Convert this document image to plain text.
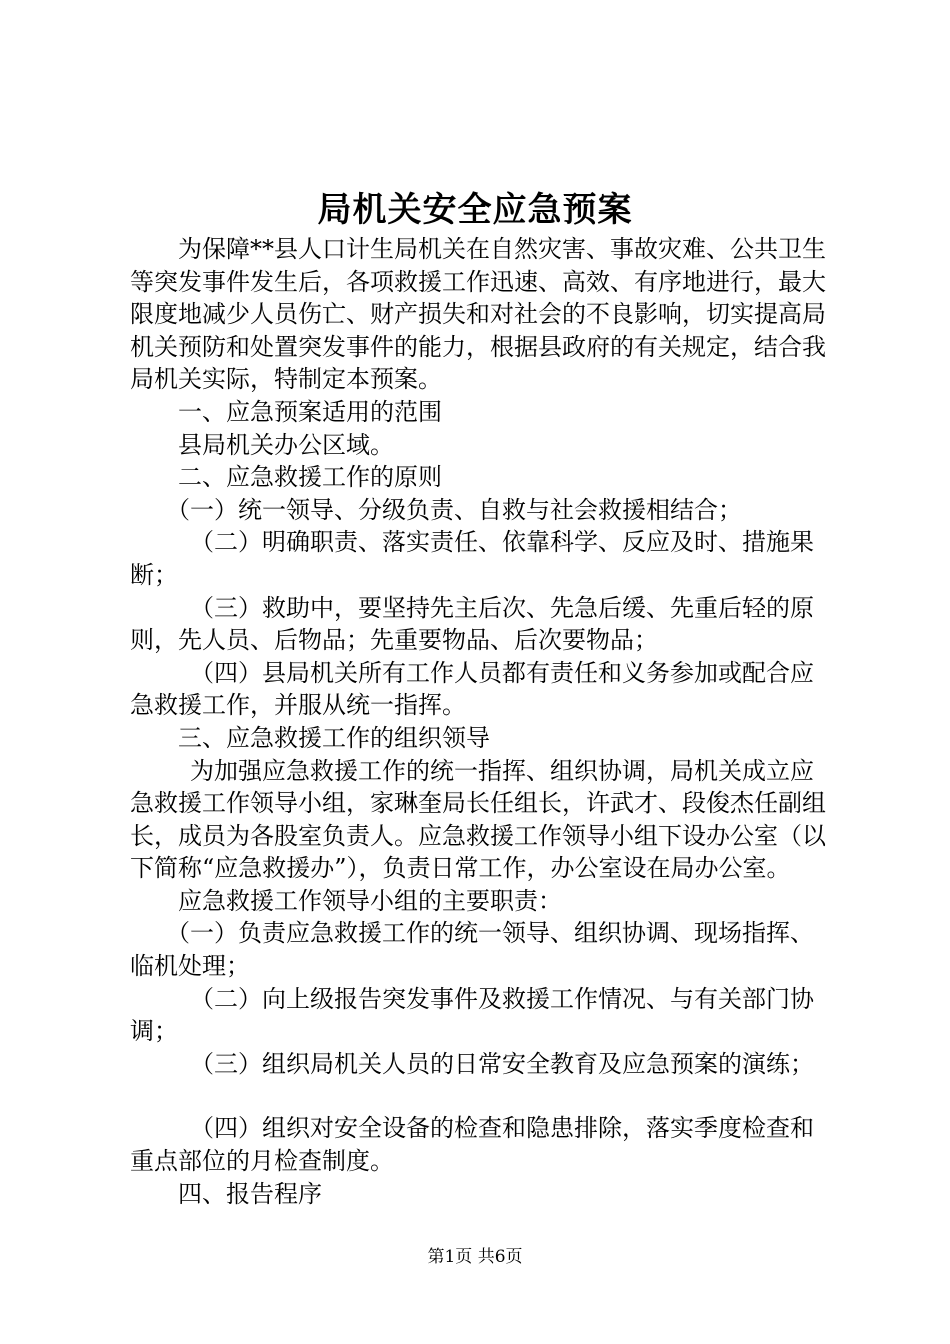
局机关安全应急预案

为保障**县人口计生局机关在自然灾害、事故灾难、公共卫生等突发事件发生后，各项救援工作迅速、高效、有序地进行，最大限度地减少人员伤亡、财产损失和对社会的不良影响，切实提高局机关预防和处置突发事件的能力，根据县政府的有关规定，结合我局机关实际，特制定本预案。

一、应急预案适用的范围

县局机关办公区域。

二、应急救援工作的原则

（一）统一领导、分级负责、自救与社会救援相结合；

（二）明确职责、落实责任、依靠科学、反应及时、措施果断；

（三）救助中，要坚持先主后次、先急后缓、先重后轻的原则，先人员、后物品；先重要物品、后次要物品；

（四）县局机关所有工作人员都有责任和义务参加或配合应急救援工作，并服从统一指挥。

三、应急救援工作的组织领导

为加强应急救援工作的统一指挥、组织协调，局机关成立应急救援工作领导小组，家琳奎局长任组长，许武才、段俊杰任副组长，成员为各股室负责人。应急救援工作领导小组下设办公室（以下简称“应急救援办”），负责日常工作，办公室设在局办公室。

应急救援工作领导小组的主要职责：

（一）负责应急救援工作的统一领导、组织协调、现场指挥、临机处理；

（二）向上级报告突发事件及救援工作情况、与有关部门协调；

（三）组织局机关人员的日常安全教育及应急预案的演练；

（四）组织对安全设备的检查和隐患排除，落实季度检查和重点部位的月检查制度。

四、报告程序

第1页 共6页
